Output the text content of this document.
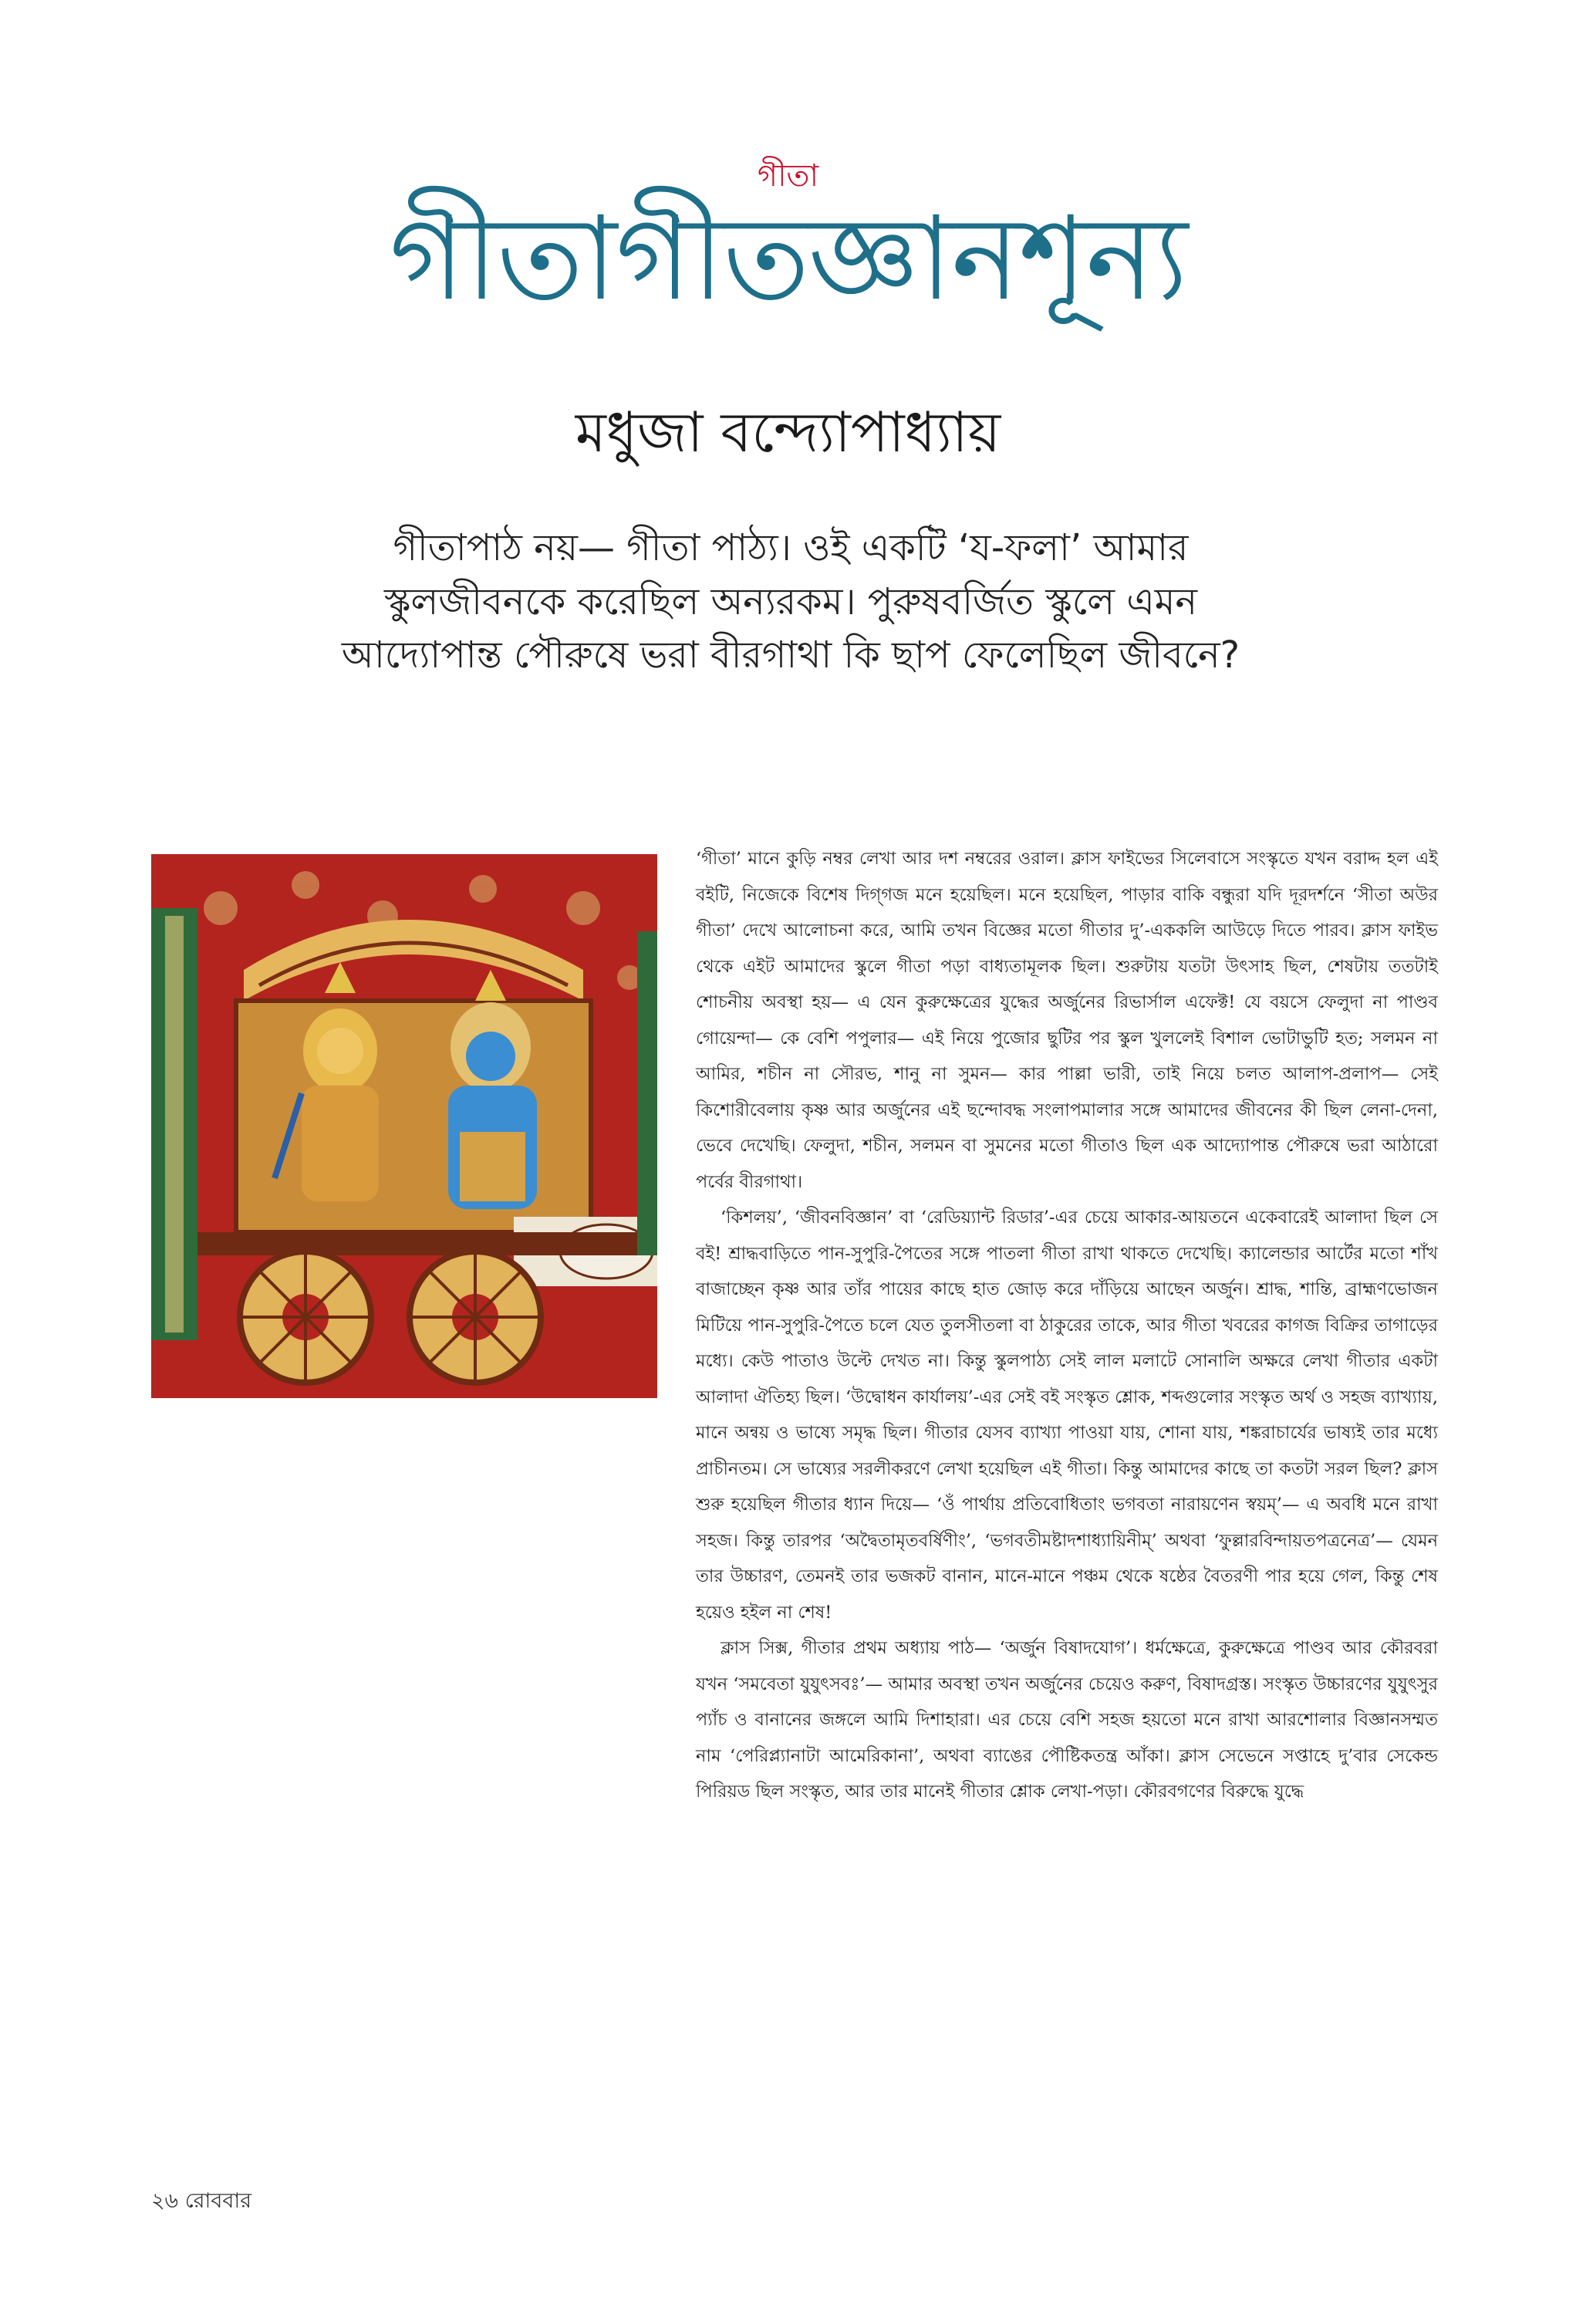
গীতা
গীতাগীতজ্ঞানশূন্য
মধুজা বন্দ্যোপাধ্যায়
গীতাপাঠ নয়— গীতা পাঠ্য। ওই একটি ‘য-ফলা’ আমার স্কুলজীবনকে করেছিল অন্যরকম। পুরুষবর্জিত স্কুলে এমন আদ্যোপান্ত পৌরুষে ভরা বীরগাথা কি ছাপ ফেলেছিল জীবনে?

‘গীতা’ মানে কুড়ি নম্বর লেখা আর দশ নম্বরের ওরাল। ক্লাস ফাইভের সিলেবাসে সংস্কৃতে যখন বরাদ্দ হল এই বইটি, নিজেকে বিশেষ দিগ্‌গজ মনে হয়েছিল। মনে হয়েছিল, পাড়ার বাকি বন্ধুরা যদি দূরদর্শনে ‘সীতা অউর গীতা’ দেখে আলোচনা করে, আমি তখন বিজ্ঞের মতো গীতার দু’-এককলি আউড়ে দিতে পারব। ক্লাস ফাইভ থেকে এইট আমাদের স্কুলে গীতা পড়া বাধ্যতামূলক ছিল। শুরুটায় যতটা উৎসাহ ছিল, শেষটায় ততটাই শোচনীয় অবস্থা হয়— এ যেন কুরুক্ষেত্রের যুদ্ধের অর্জুনের রিভার্সাল এফেক্ট! যে বয়সে ফেলুদা না পাণ্ডব গোয়েন্দা— কে বেশি পপুলার— এই নিয়ে পুজোর ছুটির পর স্কুল খুললেই বিশাল ভোটাভুটি হত; সলমন না আমির, শচীন না সৌরভ, শানু না সুমন— কার পাল্লা ভারী, তাই নিয়ে চলত আলাপ-প্রলাপ— সেই কিশোরীবেলায় কৃষ্ণ আর অর্জুনের এই ছন্দোবদ্ধ সংলাপমালার সঙ্গে আমাদের জীবনের কী ছিল লেনা-দেনা, ভেবে দেখেছি। ফেলুদা, শচীন, সলমন বা সুমনের মতো গীতাও ছিল এক আদ্যোপান্ত পৌরুষে ভরা আঠারো পর্বের বীরগাথা।

‘কিশলয়’, ‘জীবনবিজ্ঞান’ বা ‘রেডিয়্যান্ট রিডার’-এর চেয়ে আকার-আয়তনে একেবারেই আলাদা ছিল সে বই! শ্রাদ্ধবাড়িতে পান-সুপুরি-পৈতের সঙ্গে পাতলা গীতা রাখা থাকতে দেখেছি। ক্যালেন্ডার আর্টের মতো শাঁখ বাজাচ্ছেন কৃষ্ণ আর তাঁর পায়ের কাছে হাত জোড় করে দাঁড়িয়ে আছেন অর্জুন। শ্রাদ্ধ, শান্তি, ব্রাহ্মণভোজন মিটিয়ে পান-সুপুরি-পৈতে চলে যেত তুলসীতলা বা ঠাকুরের তাকে, আর গীতা খবরের কাগজ বিক্রির তাগাড়ের মধ্যে। কেউ পাতাও উল্টে দেখত না। কিন্তু স্কুলপাঠ্য সেই লাল মলাটে সোনালি অক্ষরে লেখা গীতার একটা আলাদা ঐতিহ্য ছিল। ‘উদ্বোধন কার্যালয়’-এর সেই বই সংস্কৃত শ্লোক, শব্দগুলোর সংস্কৃত অর্থ ও সহজ ব্যাখ্যায়, মানে অন্বয় ও ভাষ্যে সমৃদ্ধ ছিল। গীতার যেসব ব্যাখ্যা পাওয়া যায়, শোনা যায়, শঙ্করাচার্যের ভাষ্যই তার মধ্যে প্রাচীনতম। সে ভাষ্যের সরলীকরণে লেখা হয়েছিল এই গীতা। কিন্তু আমাদের কাছে তা কতটা সরল ছিল? ক্লাস শুরু হয়েছিল গীতার ধ্যান দিয়ে— ‘ওঁ পার্থায় প্রতিবোধিতাং ভগবতা নারায়ণেন স্বয়ম্‌’— এ অবধি মনে রাখা সহজ। কিন্তু তারপর ‘অদ্বৈতামৃতবর্ষিণীং’, ‘ভগবতীমষ্টাদশাধ্যায়িনীম্‌’ অথবা ‘ফুল্লারবিন্দায়তপত্রনেত্র’— যেমন তার উচ্চারণ, তেমনই তার ভজকট বানান, মানে-মানে পঞ্চম থেকে ষষ্ঠের বৈতরণী পার হয়ে গেল, কিন্তু শেষ হয়েও হইল না শেষ!

ক্লাস সিক্স, গীতার প্রথম অধ্যায় পাঠ— ‘অর্জুন বিষাদযোগ’। ধর্মক্ষেত্রে, কুরুক্ষেত্রে পাণ্ডব আর কৌরবরা যখন ‘সমবেতা যুযুৎসবঃ’— আমার অবস্থা তখন অর্জুনের চেয়েও করুণ, বিষাদগ্রস্ত। সংস্কৃত উচ্চারণের যুযুৎসুর প্যাঁচ ও বানানের জঙ্গলে আমি দিশাহারা। এর চেয়ে বেশি সহজ হয়তো মনে রাখা আরশোলার বিজ্ঞানসম্মত নাম ‘পেরিপ্ল্যানাটা আমেরিকানা’, অথবা ব্যাঙের পৌষ্টিকতন্ত্র আঁকা। ক্লাস সেভেনে সপ্তাহে দু’বার সেকেন্ড পিরিয়ড ছিল সংস্কৃত, আর তার মানেই গীতার শ্লোক লেখা-পড়া। কৌরবগণের বিরুদ্ধে যুদ্ধে

২৬ রোববার
